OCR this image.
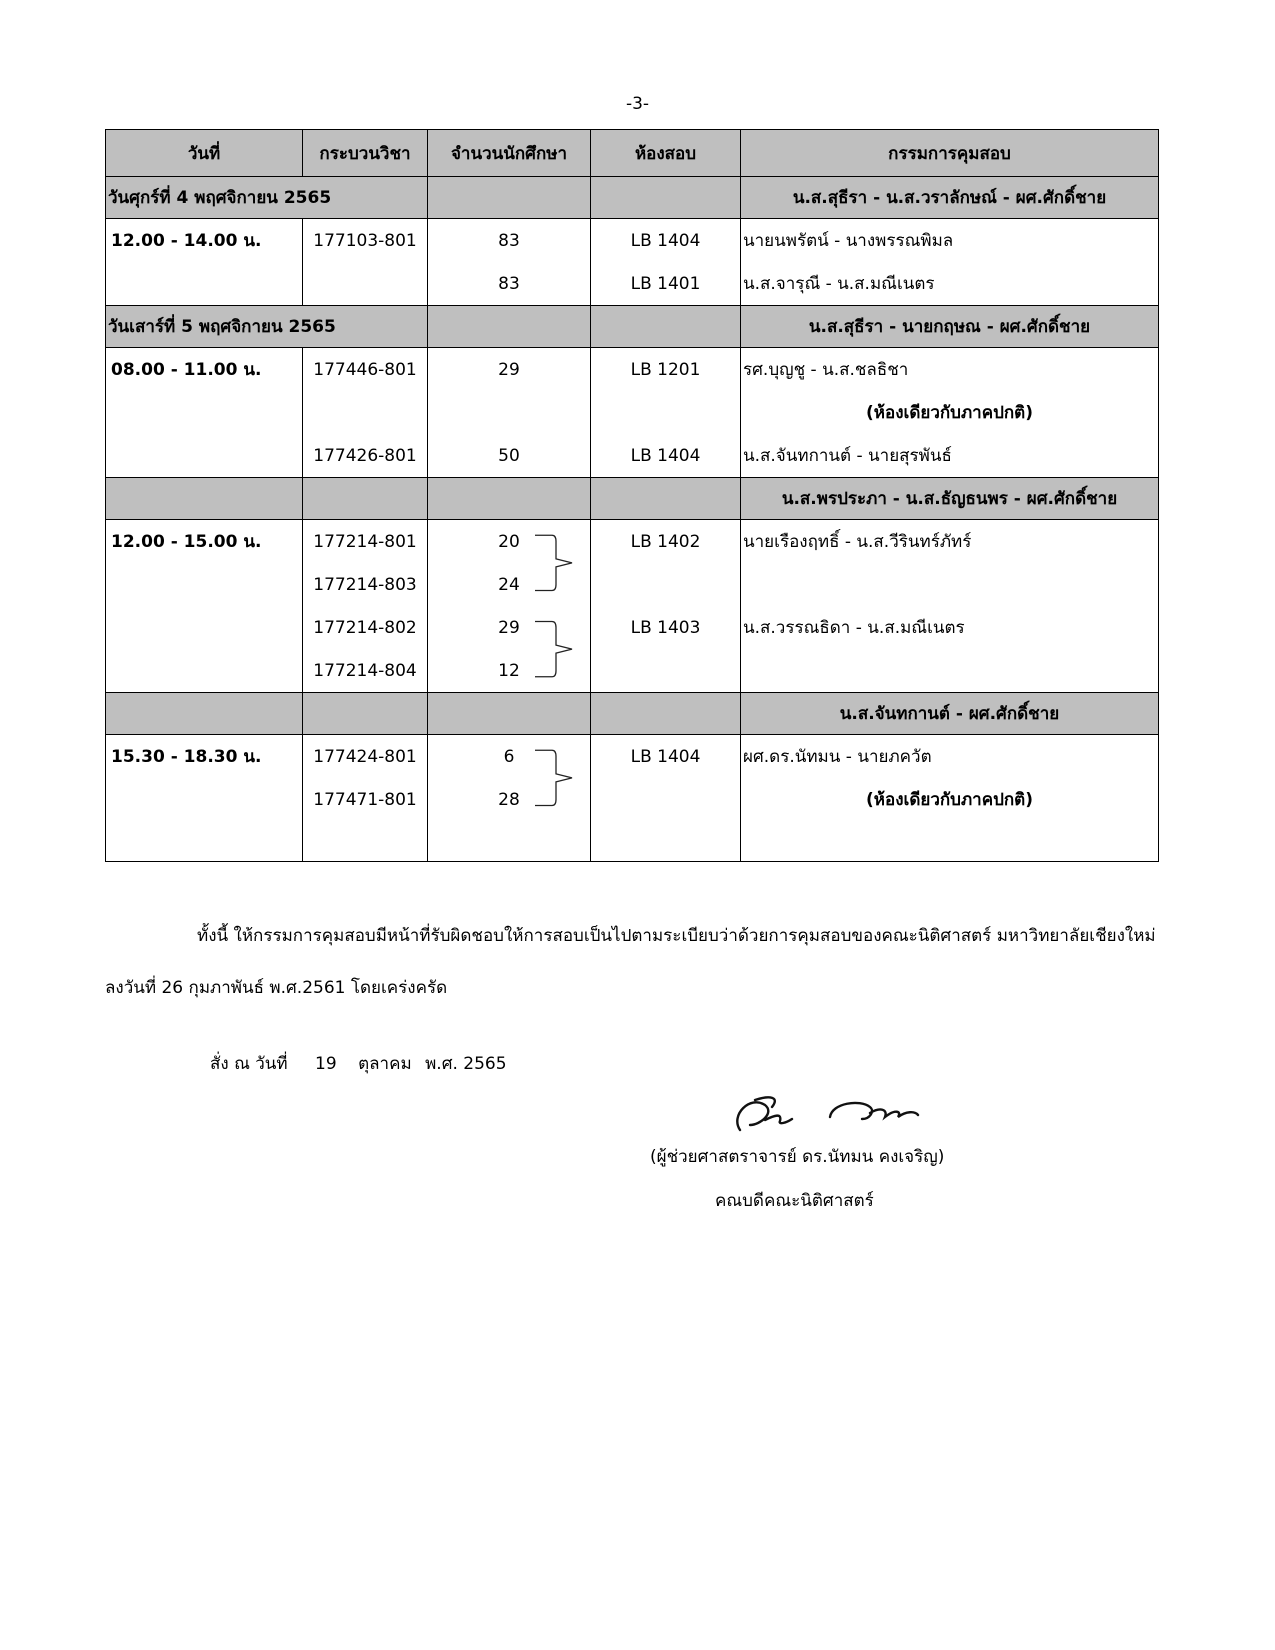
-3-
วันที่	กระบวนวิชา	จำนวนนักศึกษา	ห้องสอบ	กรรมการคุมสอบ
วันศุกร์ที่ 4 พฤศจิกายน 2565				น.ส.สุธีรา - น.ส.วราลักษณ์ - ผศ.ศักดิ์ชาย
12.00 - 14.00 น.	177103-801	83	LB 1404	นายนพรัตน์ - นางพรรณพิมล
		83	LB 1401	น.ส.จารุณี - น.ส.มณีเนตร
วันเสาร์ที่ 5 พฤศจิกายน 2565				น.ส.สุธีรา - นายกฤษณ - ผศ.ศักดิ์ชาย
08.00 - 11.00 น.	177446-801	29	LB 1201	รศ.บุญชู - น.ส.ชลธิชา
				(ห้องเดียวกับภาคปกติ)
	177426-801	50	LB 1404	น.ส.จันทกานต์ - นายสุรพันธ์
				น.ส.พรประภา - น.ส.ธัญธนพร - ผศ.ศักดิ์ชาย
12.00 - 15.00 น.	177214-801	20	LB 1402	นายเรืองฤทธิ์ - น.ส.วีรินทร์ภัทร์
	177214-803	24		
	177214-802	29	LB 1403	น.ส.วรรณธิดา - น.ส.มณีเนตร
	177214-804	12		
				น.ส.จันทกานต์ - ผศ.ศักดิ์ชาย
15.30 - 18.30 น.	177424-801	6	LB 1404	ผศ.ดร.นัทมน - นายภควัต
	177471-801	28		(ห้องเดียวกับภาคปกติ)

ทั้งนี้ ให้กรรมการคุมสอบมีหน้าที่รับผิดชอบให้การสอบเป็นไปตามระเบียบว่าด้วยการคุมสอบของคณะนิติศาสตร์ มหาวิทยาลัยเชียงใหม่ ลงวันที่ 26 กุมภาพันธ์ พ.ศ.2561 โดยเคร่งครัด
สั่ง ณ วันที่ 19 ตุลาคม พ.ศ. 2565
(ผู้ช่วยศาสตราจารย์ ดร.นัทมน คงเจริญ)
คณบดีคณะนิติศาสตร์
